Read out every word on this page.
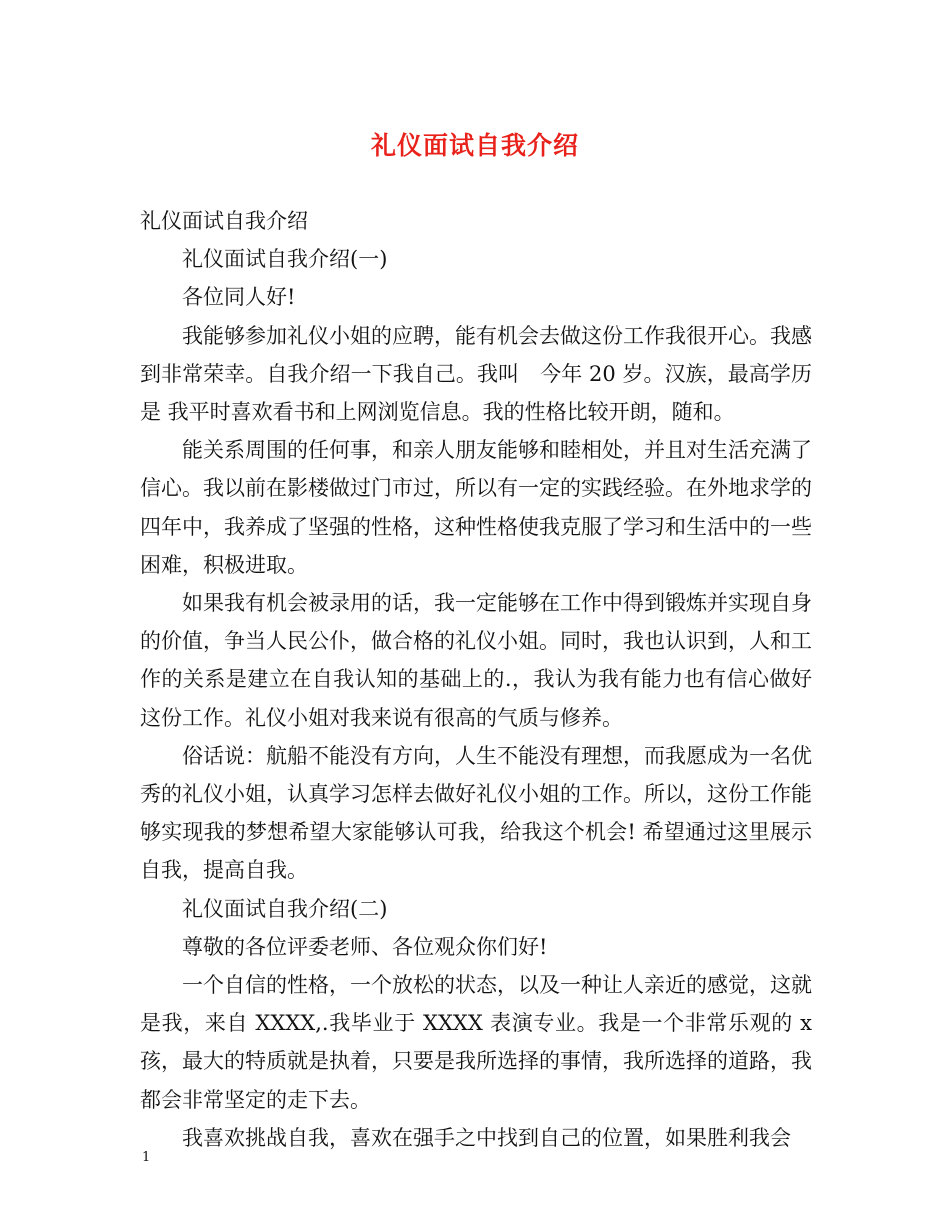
礼仪面试自我介绍

礼仪面试自我介绍

礼仪面试自我介绍(一)

各位同人好!

我能够参加礼仪小姐的应聘，能有机会去做这份工作我很开心。我感到非常荣幸。自我介绍一下我自己。我叫　今年 20 岁。汉族，最高学历是 我平时喜欢看书和上网浏览信息。我的性格比较开朗，随和。

能关系周围的任何事，和亲人朋友能够和睦相处，并且对生活充满了信心。我以前在影楼做过门市过，所以有一定的实践经验。在外地求学的四年中，我养成了坚强的性格，这种性格使我克服了学习和生活中的一些困难，积极进取。

如果我有机会被录用的话，我一定能够在工作中得到锻炼并实现自身的价值，争当人民公仆，做合格的礼仪小姐。同时，我也认识到，人和工作的关系是建立在自我认知的基础上的.，我认为我有能力也有信心做好这份工作。礼仪小姐对我来说有很高的气质与修养。

俗话说：航船不能没有方向，人生不能没有理想，而我愿成为一名优秀的礼仪小姐，认真学习怎样去做好礼仪小姐的工作。所以，这份工作能够实现我的梦想希望大家能够认可我，给我这个机会! 希望通过这里展示自我，提高自我。

礼仪面试自我介绍(二)

尊敬的各位评委老师、各位观众你们好!

一个自信的性格，一个放松的状态，以及一种让人亲近的感觉，这就是我，来自 XXXX,.我毕业于 XXXX 表演专业。我是一个非常乐观的 x 孩，最大的特质就是执着，只要是我所选择的事情，我所选择的道路，我都会非常坚定的走下去。

我喜欢挑战自我，喜欢在强手之中找到自己的位置，如果胜利我会

1
